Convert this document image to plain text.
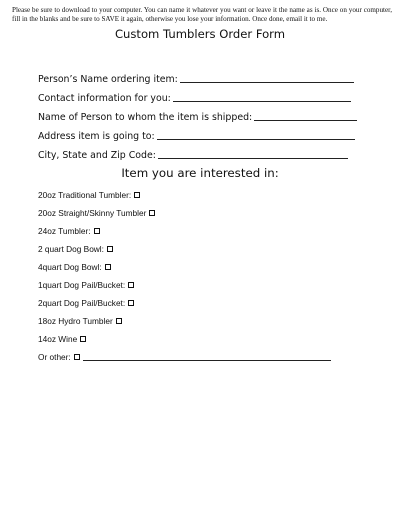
Please be sure to download to your computer. You can name it whatever you want or leave it the name as is. Once on your computer, fill in the blanks and be sure to SAVE it again, otherwise you lose your information. Once done, email it to me.
Custom Tumblers Order Form
Person’s Name ordering item:
Contact information for you:
Name of Person to whom the item is shipped:
Address item is going to:
City, State and Zip Code:
Item you are interested in:
20oz Traditional Tumbler:
20oz Straight/Skinny Tumbler
24oz Tumbler:
2 quart Dog Bowl:
4quart Dog Bowl:
1quart Dog Pail/Bucket:
2quart Dog Pail/Bucket:
18oz Hydro Tumbler
14oz Wine
Or other:
